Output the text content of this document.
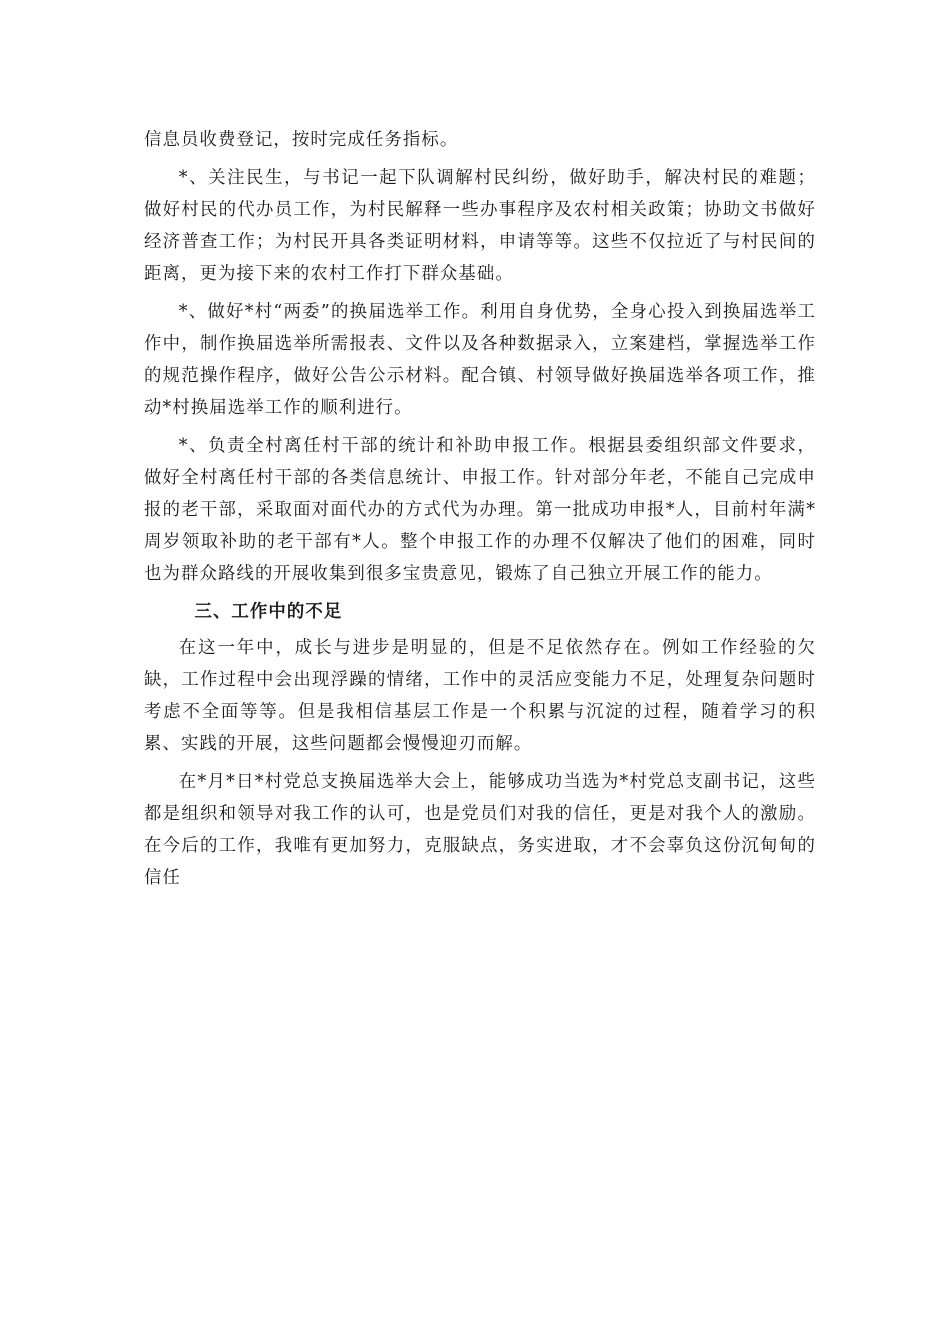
信息员收费登记，按时完成任务指标。

*、关注民生，与书记一起下队调解村民纠纷，做好助手，解决村民的难题；做好村民的代办员工作，为村民解释一些办事程序及农村相关政策；协助文书做好经济普查工作；为村民开具各类证明材料，申请等等。这些不仅拉近了与村民间的距离，更为接下来的农村工作打下群众基础。

*、做好*村“两委”的换届选举工作。利用自身优势，全身心投入到换届选举工作中，制作换届选举所需报表、文件以及各种数据录入，立案建档，掌握选举工作的规范操作程序，做好公告公示材料。配合镇、村领导做好换届选举各项工作，推动*村换届选举工作的顺利进行。

*、负责全村离任村干部的统计和补助申报工作。根据县委组织部文件要求，做好全村离任村干部的各类信息统计、申报工作。针对部分年老，不能自己完成申报的老干部，采取面对面代办的方式代为办理。第一批成功申报*人，目前村年满*周岁领取补助的老干部有*人。整个申报工作的办理不仅解决了他们的困难，同时也为群众路线的开展收集到很多宝贵意见，锻炼了自己独立开展工作的能力。

三、工作中的不足

在这一年中，成长与进步是明显的，但是不足依然存在。例如工作经验的欠缺，工作过程中会出现浮躁的情绪，工作中的灵活应变能力不足，处理复杂问题时考虑不全面等等。但是我相信基层工作是一个积累与沉淀的过程，随着学习的积累、实践的开展，这些问题都会慢慢迎刃而解。

在*月*日*村党总支换届选举大会上，能够成功当选为*村党总支副书记，这些都是组织和领导对我工作的认可，也是党员们对我的信任，更是对我个人的激励。在今后的工作，我唯有更加努力，克服缺点，务实进取，才不会辜负这份沉甸甸的信任
